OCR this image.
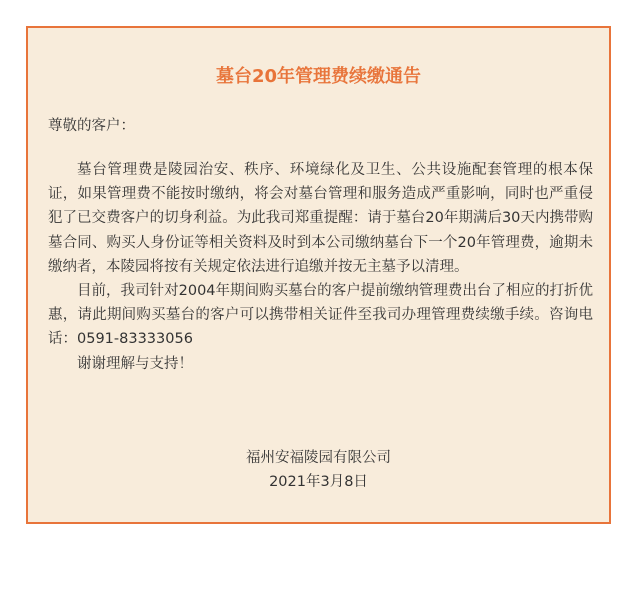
墓台20年管理费续缴通告
尊敬的客户：

墓台管理费是陵园治安、秩序、环境绿化及卫生、公共设施配套管理的根本保证，如果管理费不能按时缴纳，将会对墓台管理和服务造成严重影响，同时也严重侵犯了已交费客户的切身利益。为此我司郑重提醒：请于墓台20年期满后30天内携带购墓合同、购买人身份证等相关资料及时到本公司缴纳墓台下一个20年管理费，逾期未缴纳者，本陵园将按有关规定依法进行追缴并按无主墓予以清理。

目前，我司针对2004年期间购买墓台的客户提前缴纳管理费出台了相应的打折优惠，请此期间购买墓台的客户可以携带相关证件至我司办理管理费续缴手续。咨询电话：0591-83333056

谢谢理解与支持！

福州安福陵园有限公司
2021年3月8日
